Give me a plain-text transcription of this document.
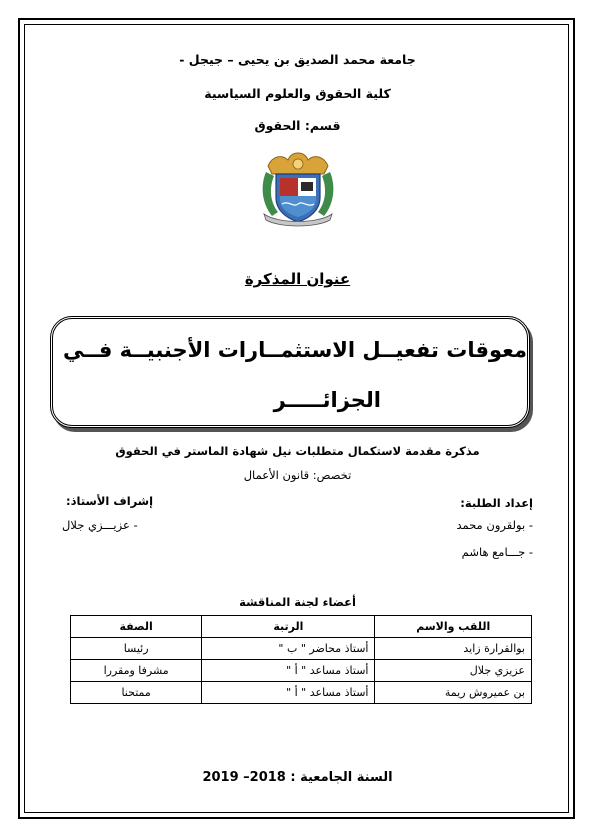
جامعة محمد الصديق بن يحيى – جيجل -
كلية الحقوق والعلوم السياسية
قسم: الحقوق
عنوان المذكرة
معوقات تفعيــل الاستثمــارات الأجنبيــة فــي
الجزائـــــر
مذكرة مقدمة لاستكمال متطلبات نيل شهادة الماستر في الحقوق
تخصص: قانون الأعمال
إعداد الطلبة:
- بولقرون محمد
- جـــامع هاشم
إشراف الأستاذ:
- عزيـــزي جلال
أعضاء لجنة المناقشة
اللقب والاسم	الرتبة	الصفة
بوالقرارة زايد	أستاذ محاضر " ب "	رئيسا
عزيزي جلال	أستاذ مساعد " أ "	مشرفا ومقررا
بن عميروش ريمة	أستاذ مساعد " أ "	ممتحنا
السنة الجامعية : 2018– 2019
